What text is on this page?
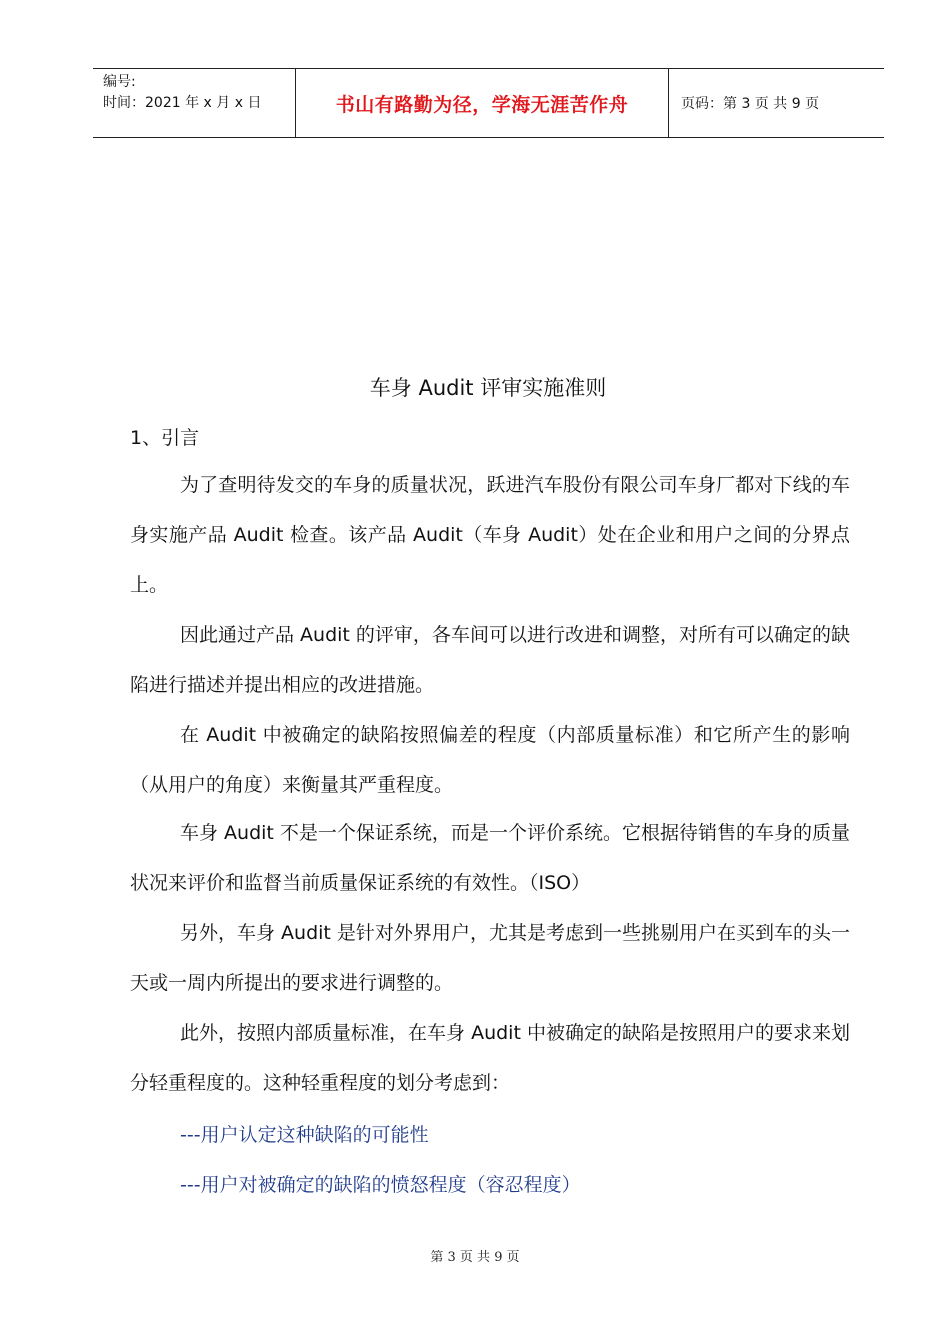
编号:
时间：2021 年 x 月 x 日	书山有路勤为径，学海无涯苦作舟	页码：第 3 页 共 9 页
车身 Audit 评审实施准则
1、引言
为了查明待发交的车身的质量状况，跃进汽车股份有限公司车身厂都对下线的车身实施产品 Audit 检查。该产品 Audit（车身 Audit）处在企业和用户之间的分界点上。
因此通过产品 Audit 的评审，各车间可以进行改进和调整，对所有可以确定的缺陷进行描述并提出相应的改进措施。
在 Audit 中被确定的缺陷按照偏差的程度（内部质量标准）和它所产生的影响（从用户的角度）来衡量其严重程度。
车身 Audit 不是一个保证系统，而是一个评价系统。它根据待销售的车身的质量状况来评价和监督当前质量保证系统的有效性。（ISO）
另外，车身 Audit 是针对外界用户，尤其是考虑到一些挑剔用户在买到车的头一天或一周内所提出的要求进行调整的。
此外，按照内部质量标准，在车身 Audit 中被确定的缺陷是按照用户的要求来划分轻重程度的。这种轻重程度的划分考虑到：
---用户认定这种缺陷的可能性
---用户对被确定的缺陷的愤怒程度（容忍程度）
第 3 页 共 9 页
